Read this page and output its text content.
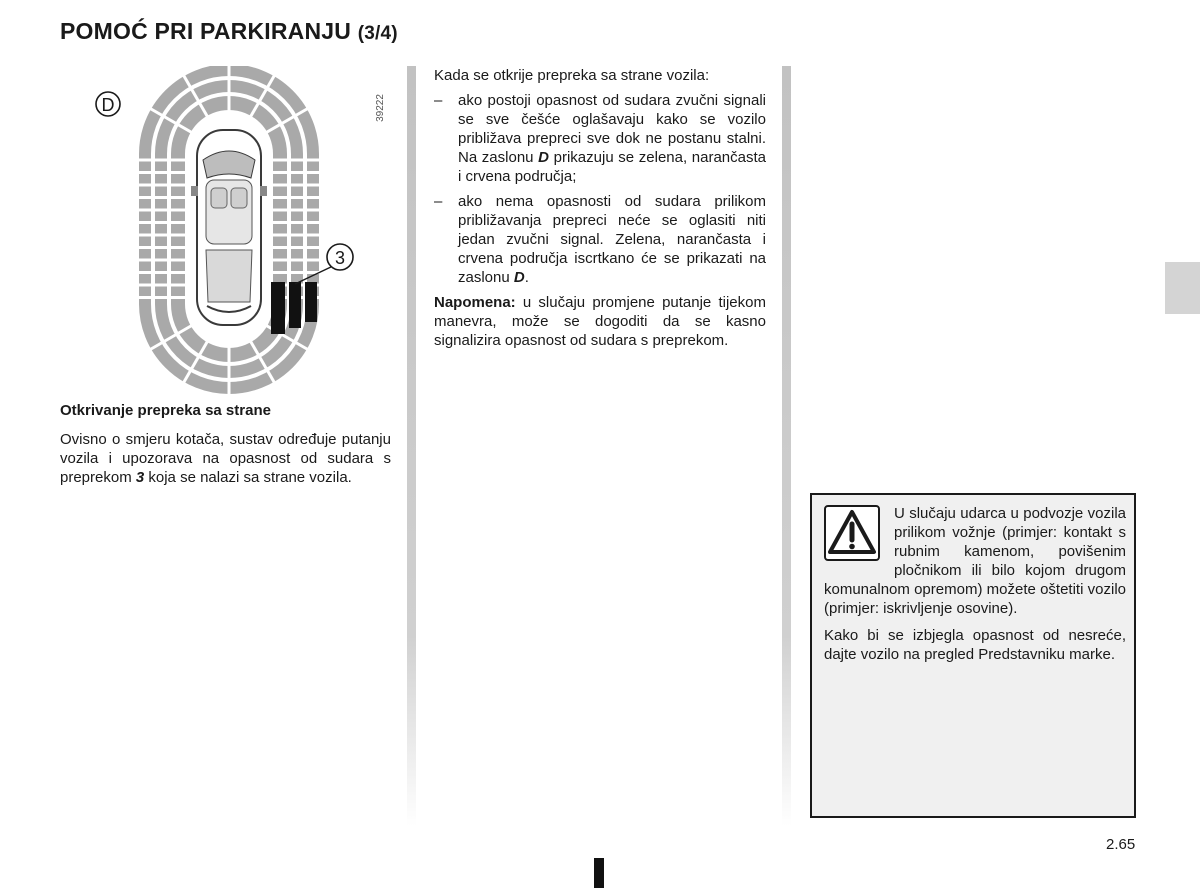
POMOĆ PRI PARKIRANJU (3/4)
D
3
39222
Otkrivanje prepreka sa strane
Ovisno o smjeru kotača, sustav određuje putanju vozila i upozorava na opasnost od sudara s preprekom 3 koja se nalazi sa strane vozila.
Kada se otkrije prepreka sa strane vozila:
– ako postoji opasnost od sudara zvučni signali se sve češće oglašavaju kako se vozilo približava prepreci sve dok ne postanu stalni. Na zaslonu D prikazuju se zelena, narančasta i crvena područja;
– ako nema opasnosti od sudara prilikom približavanja prepreci neće se oglasiti niti jedan zvučni signal. Zelena, narančasta i crvena područja iscrtkano će se prikazati na zaslonu D.
Napomena: u slučaju promjene putanje tijekom manevra, može se dogoditi da se kasno signalizira opasnost od sudara s preprekom.
U slučaju udarca u podvozje vozila prilikom vožnje (primjer: kontakt s rubnim kamenom, povišenim pločnikom ili bilo kojom drugom komunalnom opremom) možete oštetiti vozilo (primjer: iskrivljenje osovine).
Kako bi se izbjegla opasnost od nesreće, dajte vozilo na pregled Predstavniku marke.
2.65
